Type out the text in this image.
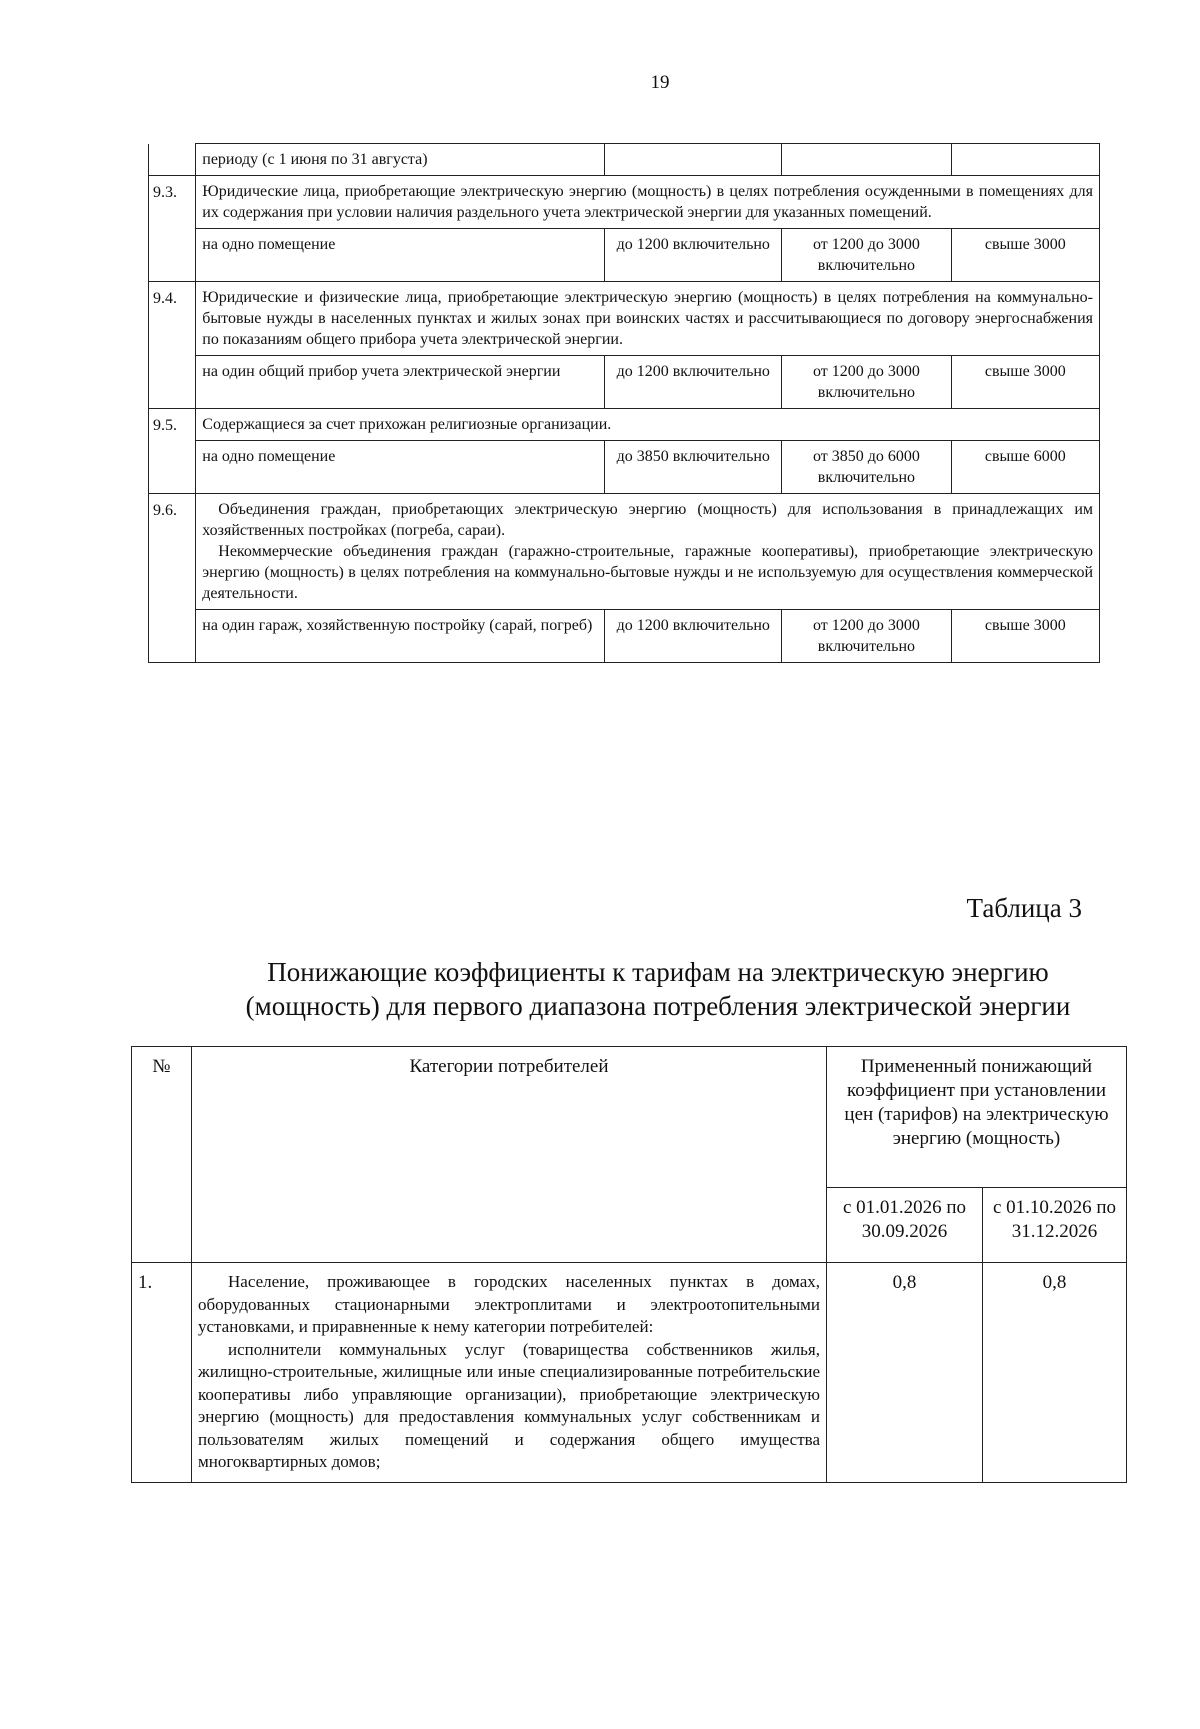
19
	периоду (с 1 июня по 31 августа)			
9.3.	Юридические лица, приобретающие электрическую энергию (мощность) в целях потребления осужденными в помещениях для их содержания при условии наличия раздельного учета электрической энергии для указанных помещений.			
	на одно помещение	до 1200 включительно	от 1200 до 3000 включительно	свыше 3000
9.4.	Юридические и физические лица, приобретающие электрическую энергию (мощность) в целях потребления на коммунально-бытовые нужды в населенных пунктах и жилых зонах при воинских частях и рассчитывающиеся по договору энергоснабжения по показаниям общего прибора учета электрической энергии.			
	на один общий прибор учета электрической энергии	до 1200 включительно	от 1200 до 3000 включительно	свыше 3000
9.5.	Содержащиеся за счет прихожан религиозные организации.			
	на одно помещение	до 3850 включительно	от 3850 до 6000 включительно	свыше 6000
9.6.	Объединения граждан, приобретающих электрическую энергию (мощность) для использования в принадлежащих им хозяйственных постройках (погреба, сараи).
Некоммерческие объединения граждан (гаражно-строительные, гаражные кооперативы), приобретающие электрическую энергию (мощность) в целях потребления на коммунально-бытовые нужды и не используемую для осуществления коммерческой деятельности.			

	на один гараж, хозяйственную постройку (сарай, погреб)	до 1200 включительно	от 1200 до 3000 включительно	свыше 3000
Таблица 3
Понижающие коэффициенты к тарифам на электрическую энергию (мощность) для первого диапазона потребления электрической энергии
№	Категории потребителей	Примененный понижающий коэффициент при установлении цен (тарифов) на электрическую энергию (мощность)	
		с 01.01.2026 по 30.09.2026	с 01.10.2026 по 31.12.2026
1.	Население, проживающее в городских населенных пунктах в домах, оборудованных стационарными электроплитами и электроотопительными установками, и приравненные к нему категории потребителей:

исполнители коммунальных услуг (товарищества собственников жилья, жилищно-строительные, жилищные или иные специализированные потребительские кооперативы либо управляющие организации), приобретающие электрическую энергию (мощность) для предоставления коммунальных услуг собственникам и пользователям жилых помещений и содержания общего имущества многоквартирных домов;	0,8	0,8
